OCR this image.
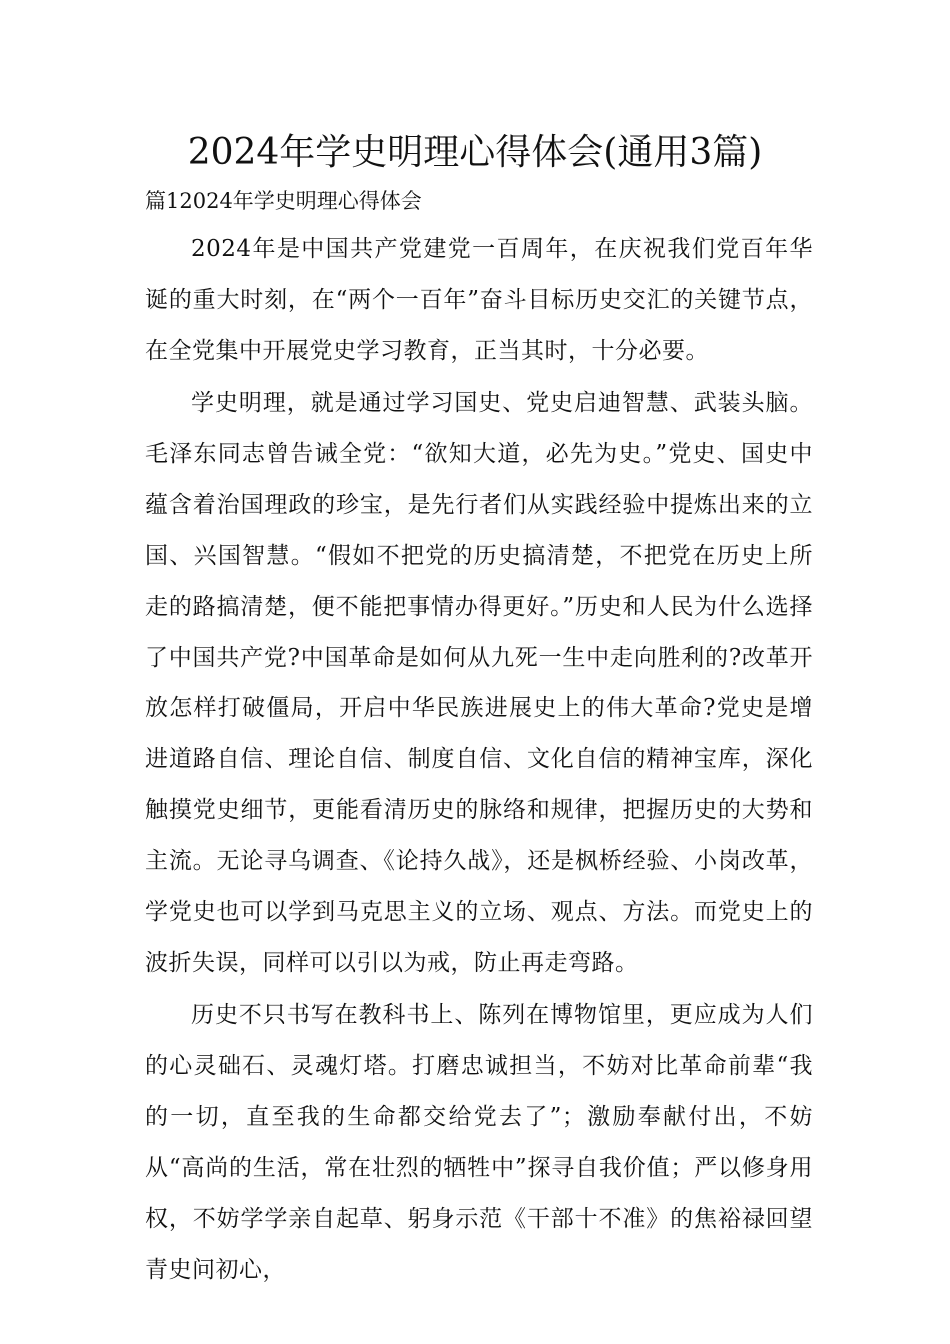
2024年学史明理心得体会(通用3篇)

篇12024年学史明理心得体会

2024年是中国共产党建党一百周年，在庆祝我们党百年华诞的重大时刻，在“两个一百年”奋斗目标历史交汇的关键节点，在全党集中开展党史学习教育，正当其时，十分必要。

学史明理，就是通过学习国史、党史启迪智慧、武装头脑。毛泽东同志曾告诫全党：“欲知大道，必先为史。”党史、国史中蕴含着治国理政的珍宝，是先行者们从实践经验中提炼出来的立国、兴国智慧。“假如不把党的历史搞清楚，不把党在历史上所走的路搞清楚，便不能把事情办得更好。”历史和人民为什么选择了中国共产党?中国革命是如何从九死一生中走向胜利的?改革开放怎样打破僵局，开启中华民族进展史上的伟大革命?党史是增进道路自信、理论自信、制度自信、文化自信的精神宝库，深化触摸党史细节，更能看清历史的脉络和规律，把握历史的大势和主流。无论寻乌调查、《论持久战》，还是枫桥经验、小岗改革，学党史也可以学到马克思主义的立场、观点、方法。而党史上的波折失误，同样可以引以为戒，防止再走弯路。

历史不只书写在教科书上、陈列在博物馆里，更应成为人们的心灵础石、灵魂灯塔。打磨忠诚担当，不妨对比革命前辈“我的一切，直至我的生命都交给党去了”；激励奉献付出，不妨从“高尚的生活，常在壮烈的牺牲中”探寻自我价值；严以修身用权，不妨学学亲自起草、躬身示范《干部十不准》的焦裕禄回望青史问初心，
